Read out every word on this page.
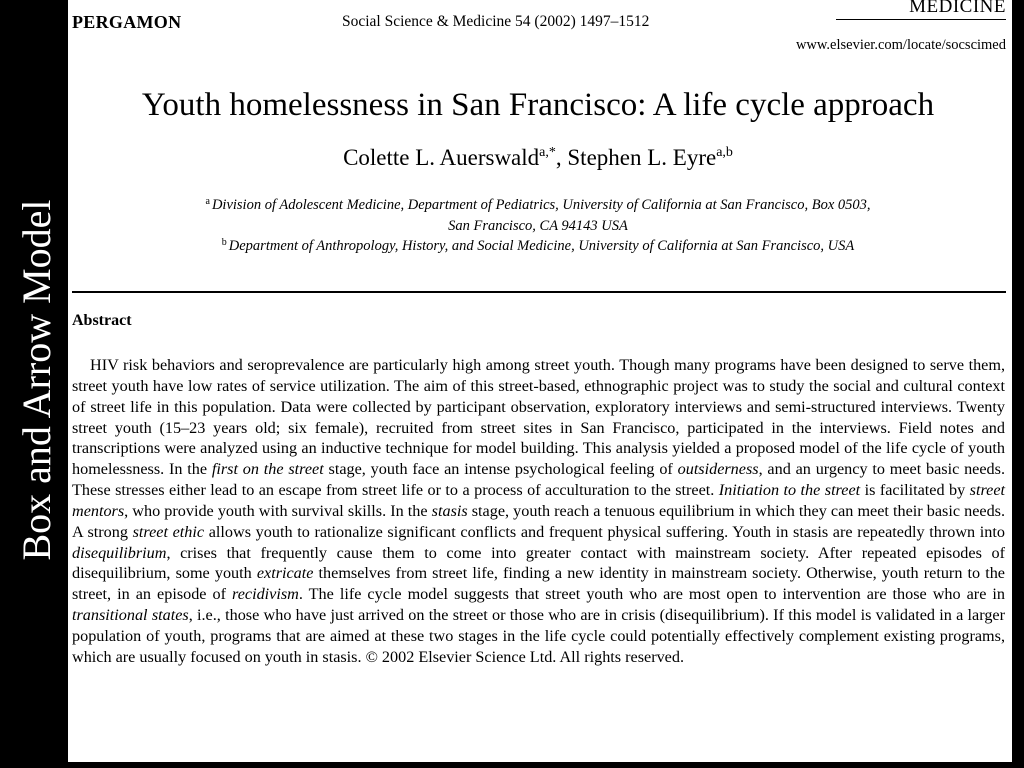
Box and Arrow Model
PERGAMON	Social Science & Medicine 54 (2002) 1497–1512
MEDICINE
www.elsevier.com/locate/socscimed
Youth homelessness in San Francisco: A life cycle approach
Colette L. Auerswald$^{a,*}$, Stephen L. Eyre$^{a,b}$
$^a$ Division of Adolescent Medicine, Department of Pediatrics, University of California at San Francisco, Box 0503,
San Francisco, CA 94143 USA
$^b$ Department of Anthropology, History, and Social Medicine, University of California at San Francisco, USA
Abstract

HIV risk behaviors and seroprevalence are particularly high among street youth. Though many programs have been designed to serve them, street youth have low rates of service utilization. The aim of this street-based, ethnographic project was to study the social and cultural context of street life in this population. Data were collected by participant observation, exploratory interviews and semi-structured interviews. Twenty street youth (15–23 years old; six female), recruited from street sites in San Francisco, participated in the interviews. Field notes and transcriptions were analyzed using an inductive technique for model building. This analysis yielded a proposed model of the life cycle of youth homelessness. In the first on the street stage, youth face an intense psychological feeling of outsiderness, and an urgency to meet basic needs. These stresses either lead to an escape from street life or to a process of acculturation to the street. Initiation to the street is facilitated by street mentors, who provide youth with survival skills. In the stasis stage, youth reach a tenuous equilibrium in which they can meet their basic needs. A strong street ethic allows youth to rationalize significant conflicts and frequent physical suffering. Youth in stasis are repeatedly thrown into disequilibrium, crises that frequently cause them to come into greater contact with mainstream society. After repeated episodes of disequilibrium, some youth extricate themselves from street life, finding a new identity in mainstream society. Otherwise, youth return to the street, in an episode of recidivism. The life cycle model suggests that street youth who are most open to intervention are those who are in transitional states, i.e., those who have just arrived on the street or those who are in crisis (disequilibrium). If this model is validated in a larger population of youth, programs that are aimed at these two stages in the life cycle could potentially effectively complement existing programs, which are usually focused on youth in stasis. © 2002 Elsevier Science Ltd. All rights reserved.
